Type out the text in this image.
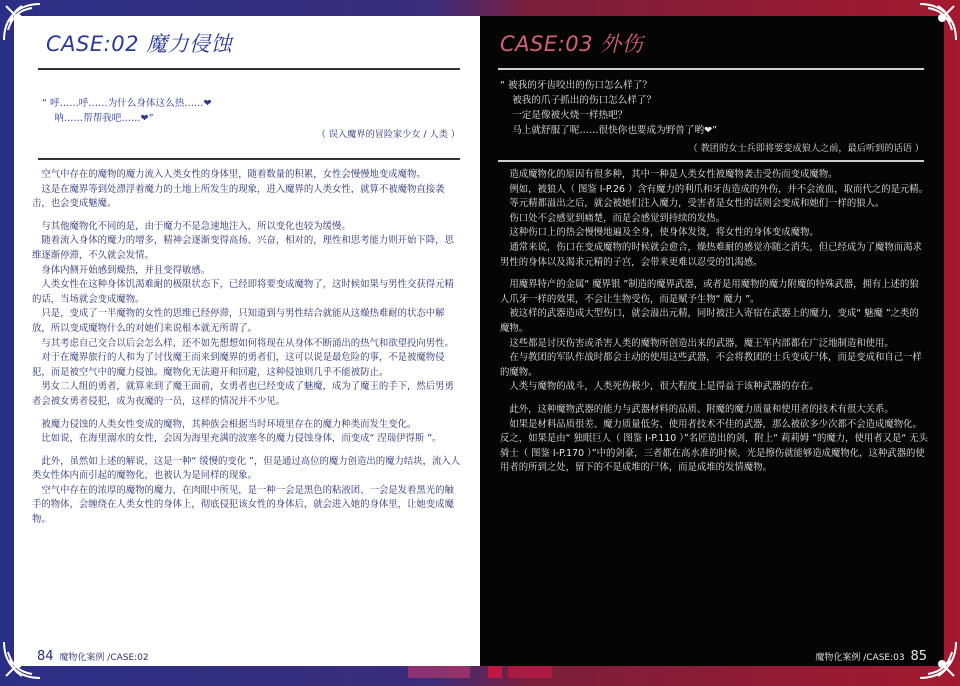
CASE:02 魔力侵蚀
“ 呼……呼……为什么身体这么热……❤
呐……帮帮我吧……❤”
（ 误入魔界的冒险家少女 / 人类 ）

　空气中存在的魔物的魔力流入人类女性的身体里，随着数量的积累，女性会慢慢地变成魔物。

　这是在魔界等到处漂浮着魔力的土地上所发生的现象，进入魔界的人类女性，就算不被魔物直接袭击，也会变成魅魔。

　与其他魔物化不同的是，由于魔力不是急速地注入，所以变化也较为缓慢。

　随着流入身体的魔力的增多，精神会逐渐变得高扬、兴奋，相对的，理性和思考能力则开始下降，思维逐渐停滞，不久就会发情。

　身体内侧开始感到燥热，并且变得敏感。

　人类女性在这种身体饥渴难耐的极限状态下，已经即将要变成魔物了，这时候如果与男性交获得元精的话，当场就会变成魔物。

　只是，变成了一半魔物的女性的思维已经停滞，只知道到与男性结合就能从这燥热难耐的状态中解放，所以变成魔物什么的对她们来说根本就无所谓了。

　与其考虑自己交合以后会怎么样，还不如先想想如何将现在从身体不断涌出的热气和欲望投向男性。

　对于在魔界旅行的人和为了讨伐魔王而来到魔界的勇者们，这可以说是最危险的事，不是被魔物侵犯，而是被空气中的魔力侵蚀。魔物化无法避开和回避，这种侵蚀则几乎不能被防止。

　男女二人组的勇者，就算来到了魔王面前，女勇者也已经变成了魅魔，成为了魔王的手下，然后男勇者会被女勇者侵犯，成为夜魔的一员，这样的情况并不少见。

　被魔力侵蚀的人类女性变成的魔物，其种族会根据当时环境里存在的魔力种类而发生变化。

　比如说，在海里溺水的女性，会因为海里充满的波塞冬的魔力侵蚀身体，而变成“ 涅瑞伊得斯 ”。

　此外，虽然如上述的解说，这是一种“ 缓慢的变化 ”，但是通过高位的魔力创造出的魔力结块，流入人类女性体内而引起的魔物化，也被认为是同样的现象。

　空气中存在的浓厚的魔物的魔力，在肉眼中所见，是一种一会是黑色的粘液团、一会是发着黑光的触手的物体，会缠绕在人类女性的身体上，彻底侵犯该女性的身体后，就会进入她的身体里，让她变成魔物。

84 魔物化案例 /CASE:02
CASE:03 外伤
“ 被我的牙齿咬出的伤口怎么样了？
被我的爪子抓出的伤口怎么样了？
一定是像被火烧一样热吧？
马上就舒服了呢……很快你也要成为野兽了哟❤”
（ 教团的女士兵即将要变成狼人之前，最后听到的话语 ）

　造成魔物化的原因有很多种，其中一种是人类女性被魔物袭击受伤而变成魔物。

　例如，被狼人（ 图鉴 I-P.26 ）含有魔力的利爪和牙齿造成的外伤，并不会流血，取而代之的是元精。

　等元精都溢出之后，就会被她们注入魔力，受害者是女性的话则会变成和她们一样的狼人。

　伤口处不会感觉到痛楚，而是会感觉到持续的发热。

　这种伤口上的热会慢慢地遍及全身，使身体发烫，将女性的身体变成魔物。

　通常来说，伤口在变成魔物的时候就会愈合，燥热难耐的感觉亦随之消失，但已经成为了魔物而渴求男性的身体以及渴求元精的子宫，会带来更难以忍受的饥渴感。

　用魔界特产的金属“ 魔界银 ”制造的魔界武器，或者是用魔物的魔力附魔的特殊武器，拥有上述的狼人爪牙一样的效果，不会让生物受伤，而是赋予生物“ 魔力 ”。

　被这样的武器造成大型伤口，就会溢出元精，同时被注入寄宿在武器上的魔力，变成“ 魅魔 ”之类的魔物。

　这些都是讨厌伤害或杀害人类的魔物所创造出来的武器，魔王军内部都在广泛地制造和使用。

　在与教团的军队作战时都会主动的使用这些武器，不会将教团的士兵变成尸体，而是变成和自己一样的魔物。

　人类与魔物的战斗，人类死伤极少，很大程度上是得益于该种武器的存在。

　此外，这种魔物武器的能力与武器材料的品质、附魔的魔力质量和使用者的技术有很大关系。

　如果是材料品质很差、魔力质量低劣、使用者技术不佳的武器，那么被砍多少次都不会造成魔物化。反之，如果是由“ 独眼巨人（ 图鉴 I-P.110 ）”名匠造出的剑，附上“ 莉莉姆 ”的魔力，使用者又是“ 无头骑士（ 图鉴 I-P.170 ）”中的剑豪，三者都在高水准的时候，光是擦伤就能够造成魔物化，这种武器的使用者的所到之处，留下的不是成堆的尸体，而是成堆的发情魔物。

魔物化案例 /CASE:03 85
